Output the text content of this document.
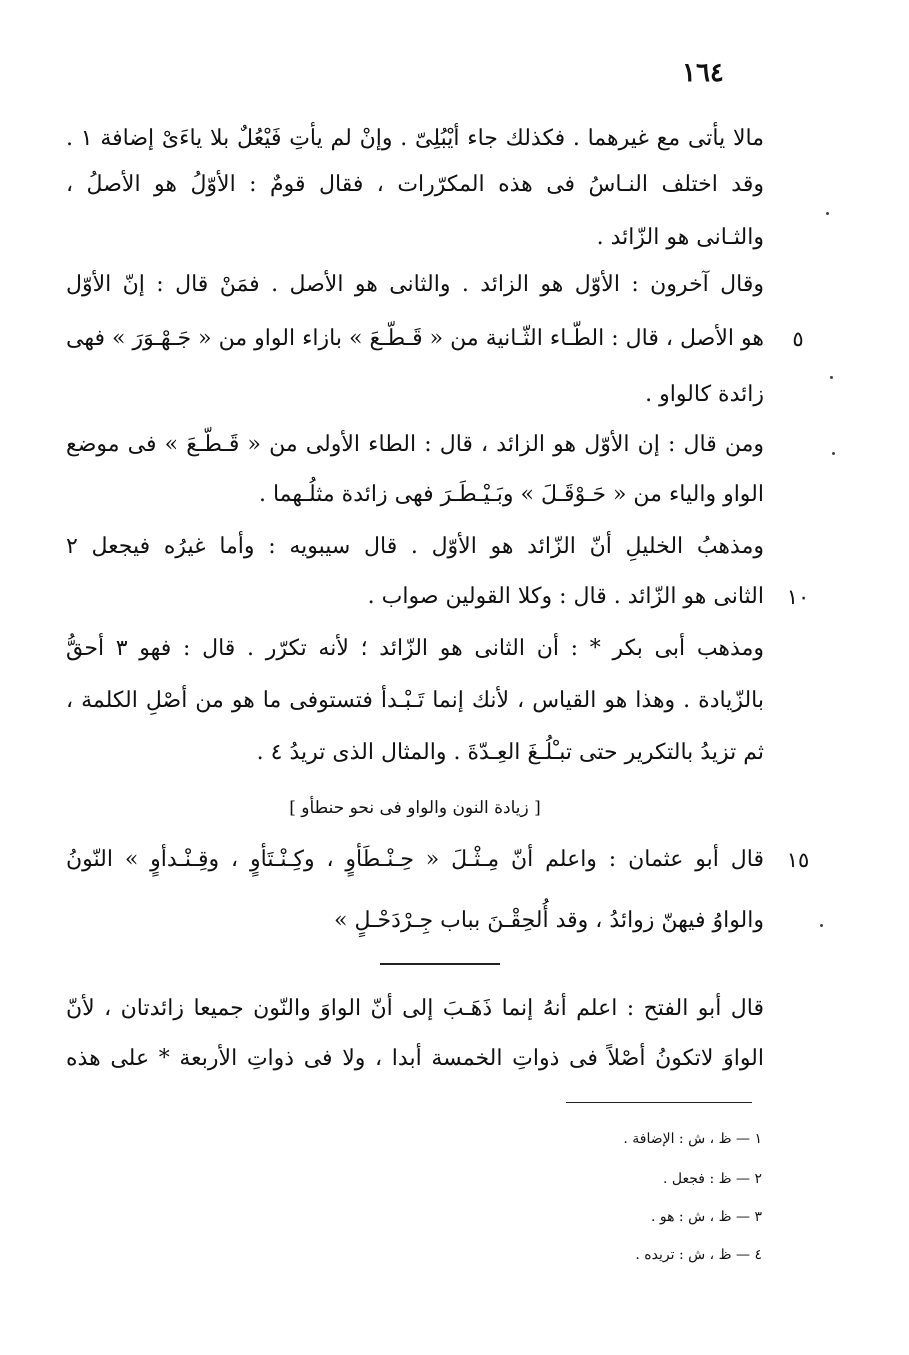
١٦٤
مالا يأتى مع غيرهما . فكذلك جاء أيْبُلِىّ . وإنْ لم يأتِ فَيْعُلٌ بلا ياءَىْ إضافة ١ .
وقد اختلف النـاسُ فى هذه المكرّرات ، فقال قومٌ : الأوّلُ هو الأصلُ ،
والثـانى هو الزّائد .
وقال آخرون : الأوّل هو الزائد . والثانى هو الأصل . فمَنْ قال : إنّ الأوّل
هو الأصل ، قال : الطّـاء الثّـانية من « قَـطّـعَ » بازاء الواو من « جَـهْـوَرَ » فهى	٥
زائدة كالواو .
ومن قال : إن الأوّل هو الزائد ، قال : الطاء الأولى من « قَـطّـعَ » فى موضع
الواو والياء من « حَـوْقَـلَ » وبَـيْـطَـرَ فهى زائدة مثلُـهما .
ومذهبُ الخليلِ أنّ الزّائد هو الأوّل . قال سيبويه : وأما غيرُه فيجعل ٢
الثانى هو الزّائد . قال : وكلا القولين صواب .	١٠
ومذهب أبى بكر * : أن الثانى هو الزّائد ؛ لأنه تكرّر . قال : فهو ٣ أحقُّ
بالزّيادة . وهذا هو القياس ، لأنك إنما تَـبْـدأ فتستوفى ما هو من أصْلِ الكلمة ،
ثم تزيدُ بالتكرير حتى تبـْلُـغَ العِـدّةَ . والمثال الذى تريدُ ٤ .
[ زيادة النون والواو فى نحو حنطأو ]
قال أبو عثمان : واعلم أنّ مِـثْـلَ « حِـنْـطَأوٍ ، وكِـنْـتَأوٍ ، وقِـنْـدأوٍ » النّونُ	١٥
والواوُ فيهنّ زوائدُ ، وقد أُلحِقْـنَ بباب جِـرْدَحْـلٍ »
قال أبو الفتح : اعلم أنهُ إنما ذَهَـبَ إلى أنّ الواوَ والنّون جميعا زائدتان ، لأنّ
الواوَ لاتكونُ أصْلاً فى ذواتِ الخمسة أبدا ، ولا فى ذواتِ الأربعة * على هذه
١ — ظ ، ش : الإضافة .
٢ — ظ : فجعل .
٣ — ظ ، ش : هو .
٤ — ظ ، ش : تريده .
